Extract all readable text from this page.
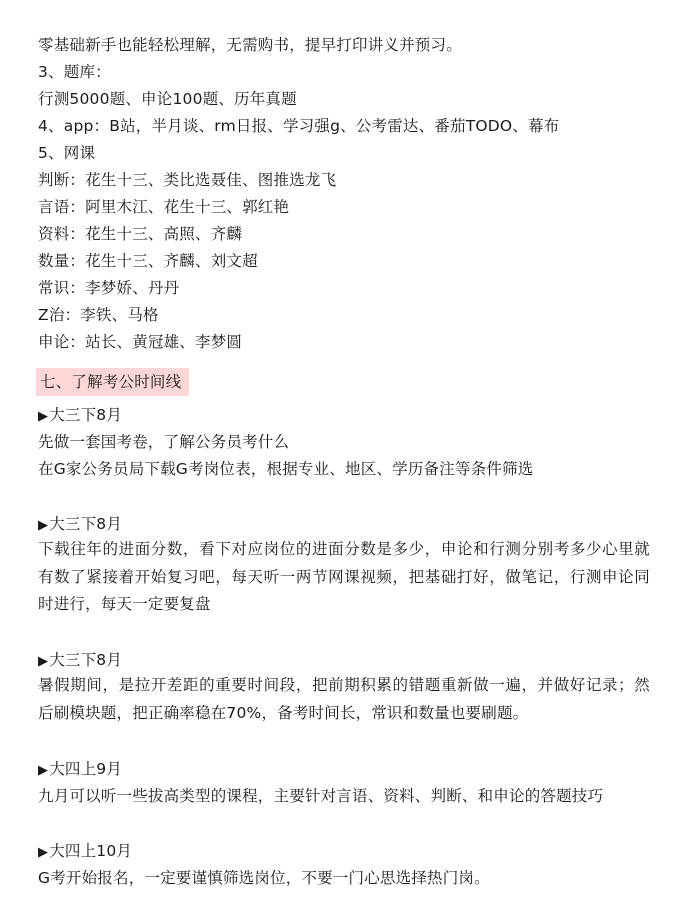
零基础新手也能轻松理解，无需购书，提早打印讲义并预习。
3、题库：
行测5000题、申论100题、历年真题
4、app：B站，半月谈、rm日报、学习强g、公考雷达、番茄TODO、幕布
5、网课
判断：花生十三、类比选聂佳、图推选龙飞
言语：阿里木江、花生十三、郭红艳
资料：花生十三、高照、齐麟
数量：花生十三、齐麟、刘文超
常识：李梦娇、丹丹
Z治：李铁、马格
申论：站长、黄冠雄、李梦圆
七、了解考公时间线
▶大三下8月
先做一套国考卷，了解公务员考什么
在G家公务员局下载G考岗位表，根据专业、地区、学历备注等条件筛选
▶大三下8月
下载往年的进面分数，看下对应岗位的进面分数是多少，申论和行测分别考多少心里就有数了紧接着开始复习吧，每天听一两节网课视频，把基础打好，做笔记，行测申论同时进行，每天一定要复盘
▶大三下8月
暑假期间，是拉开差距的重要时间段，把前期积累的错题重新做一遍，并做好记录；然后刷模块题，把正确率稳在70%，备考时间长，常识和数量也要刷题。
▶大四上9月
九月可以听一些拔高类型的课程，主要针对言语、资料、判断、和申论的答题技巧
▶大四上10月
G考开始报名，一定要谨慎筛选岗位，不要一门心思选择热门岗。
